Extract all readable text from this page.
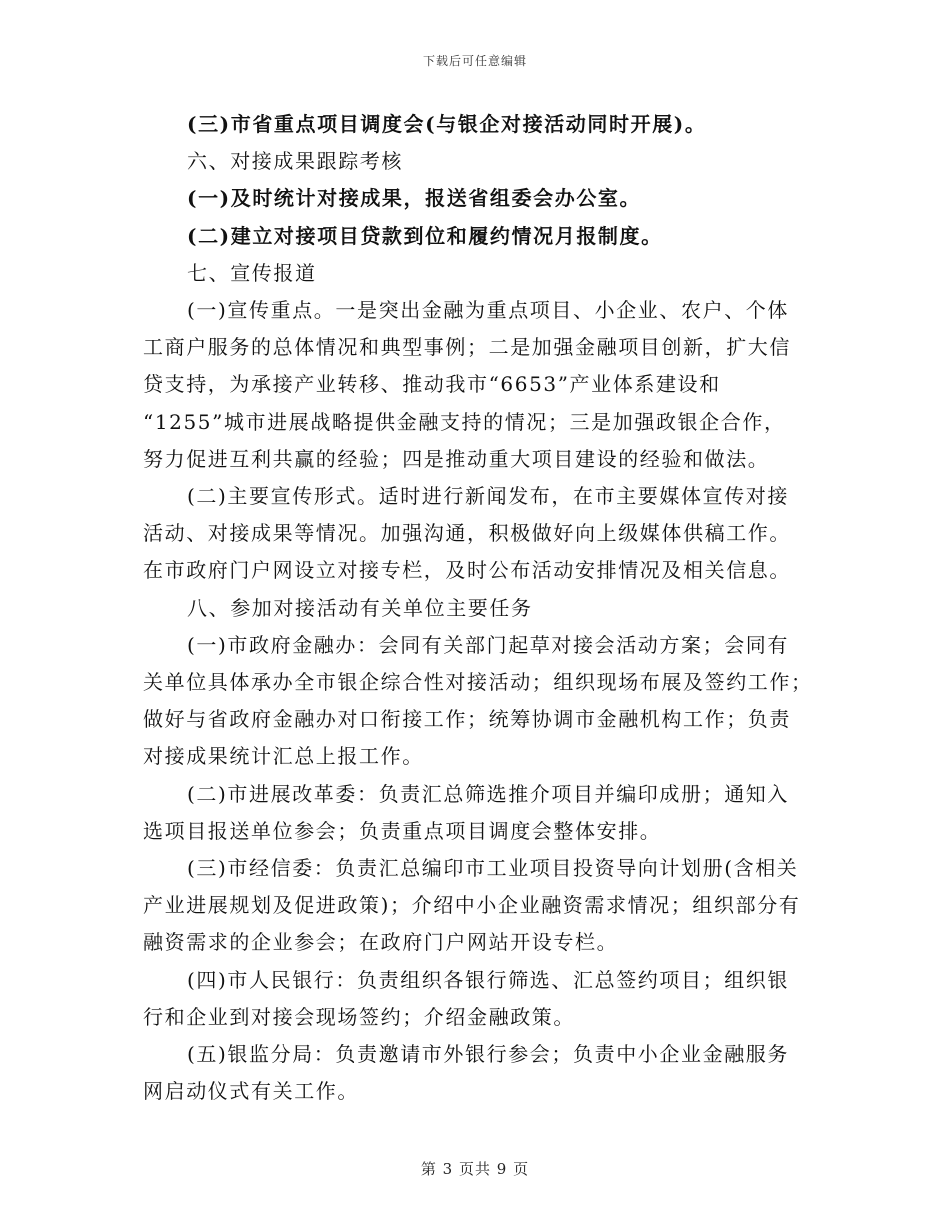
下载后可任意编辑
(三)市省重点项目调度会(与银企对接活动同时开展)。
六、对接成果跟踪考核
(一)及时统计对接成果，报送省组委会办公室。
(二)建立对接项目贷款到位和履约情况月报制度。
七、宣传报道
(一)宣传重点。一是突出金融为重点项目、小企业、农户、个体
工商户服务的总体情况和典型事例；二是加强金融项目创新，扩大信
贷支持，为承接产业转移、推动我市“6653”产业体系建设和
“1255”城市进展战略提供金融支持的情况；三是加强政银企合作，
努力促进互利共赢的经验；四是推动重大项目建设的经验和做法。
(二)主要宣传形式。适时进行新闻发布，在市主要媒体宣传对接
活动、对接成果等情况。加强沟通，积极做好向上级媒体供稿工作。
在市政府门户网设立对接专栏，及时公布活动安排情况及相关信息。
八、参加对接活动有关单位主要任务
(一)市政府金融办：会同有关部门起草对接会活动方案；会同有
关单位具体承办全市银企综合性对接活动；组织现场布展及签约工作；
做好与省政府金融办对口衔接工作；统筹协调市金融机构工作；负责
对接成果统计汇总上报工作。
(二)市进展改革委：负责汇总筛选推介项目并编印成册；通知入
选项目报送单位参会；负责重点项目调度会整体安排。
(三)市经信委：负责汇总编印市工业项目投资导向计划册(含相关
产业进展规划及促进政策)；介绍中小企业融资需求情况；组织部分有
融资需求的企业参会；在政府门户网站开设专栏。
(四)市人民银行：负责组织各银行筛选、汇总签约项目；组织银
行和企业到对接会现场签约；介绍金融政策。
(五)银监分局：负责邀请市外银行参会；负责中小企业金融服务
网启动仪式有关工作。
第 3 页共 9 页
